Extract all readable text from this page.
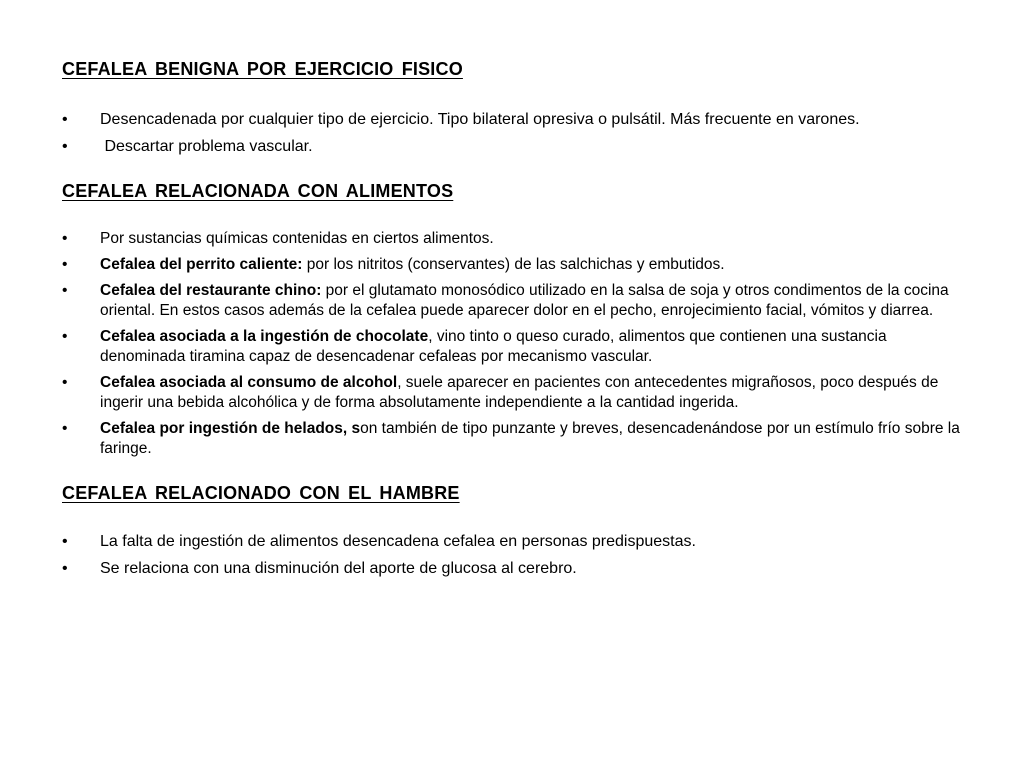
CEFALEA BENIGNA POR EJERCICIO FISICO
• Desencadenada por cualquier tipo de ejercicio. Tipo bilateral opresiva o pulsátil. Más frecuente en varones.
• Descartar problema vascular.
CEFALEA RELACIONADA CON ALIMENTOS
• Por sustancias químicas contenidas en ciertos alimentos.
• Cefalea del perrito caliente: por los nitritos (conservantes) de las salchichas y embutidos.
• Cefalea del restaurante chino: por el glutamato monosódico utilizado en la salsa de soja y otros condimentos de la cocina oriental. En estos casos además de la cefalea puede aparecer dolor en el pecho, enrojecimiento facial, vómitos y diarrea.
• Cefalea asociada a la ingestión de chocolate, vino tinto o queso curado, alimentos que contienen una sustancia denominada tiramina capaz de desencadenar cefaleas por mecanismo vascular.
• Cefalea asociada al consumo de alcohol, suele aparecer en pacientes con antecedentes migrañosos, poco después de ingerir una bebida alcohólica y de forma absolutamente independiente a la cantidad ingerida.
• Cefalea por ingestión de helados, son también de tipo punzante y breves, desencadenándose por un estímulo frío sobre la faringe.
CEFALEA RELACIONADO CON EL HAMBRE
• La falta de ingestión de alimentos desencadena cefalea en personas predispuestas.
• Se relaciona con una disminución del aporte de glucosa al cerebro.
